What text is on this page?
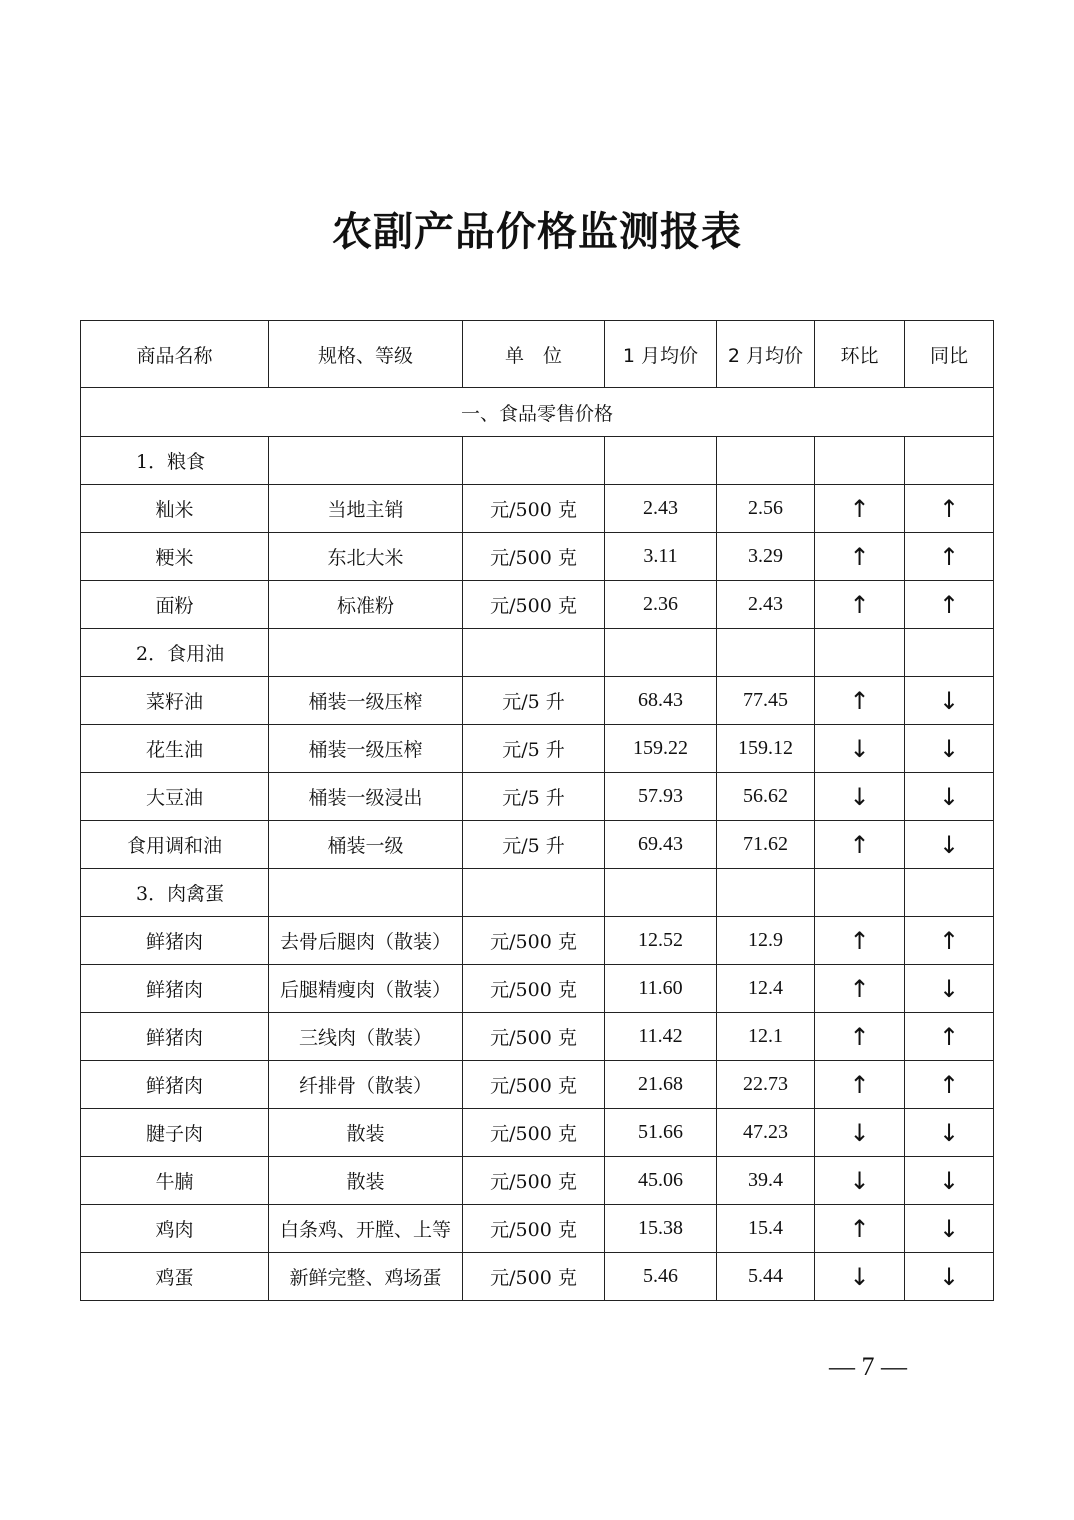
农副产品价格监测报表
商品名称	规格、等级	单　位	1 月均价	2 月均价	环比	同比
一、食品零售价格						
1．粮食						
籼米	当地主销	元/500 克	2.43	2.56	↑	↑
粳米	东北大米	元/500 克	3.11	3.29	↑	↑
面粉	标准粉	元/500 克	2.36	2.43	↑	↑
2．食用油						
菜籽油	桶装一级压榨	元/5 升	68.43	77.45	↑	↓
花生油	桶装一级压榨	元/5 升	159.22	159.12	↓	↓
大豆油	桶装一级浸出	元/5 升	57.93	56.62	↓	↓
食用调和油	桶装一级	元/5 升	69.43	71.62	↑	↓
3．肉禽蛋						
鲜猪肉	去骨后腿肉（散装）	元/500 克	12.52	12.9	↑	↑
鲜猪肉	后腿精瘦肉（散装）	元/500 克	11.60	12.4	↑	↓
鲜猪肉	三线肉（散装）	元/500 克	11.42	12.1	↑	↑
鲜猪肉	纤排骨（散装）	元/500 克	21.68	22.73	↑	↑
腱子肉	散装	元/500 克	51.66	47.23	↓	↓
牛腩	散装	元/500 克	45.06	39.4	↓	↓
鸡肉	白条鸡、开膛、上等	元/500 克	15.38	15.4	↑	↓
鸡蛋	新鲜完整、鸡场蛋	元/500 克	5.46	5.44	↓	↓
— 7 —
